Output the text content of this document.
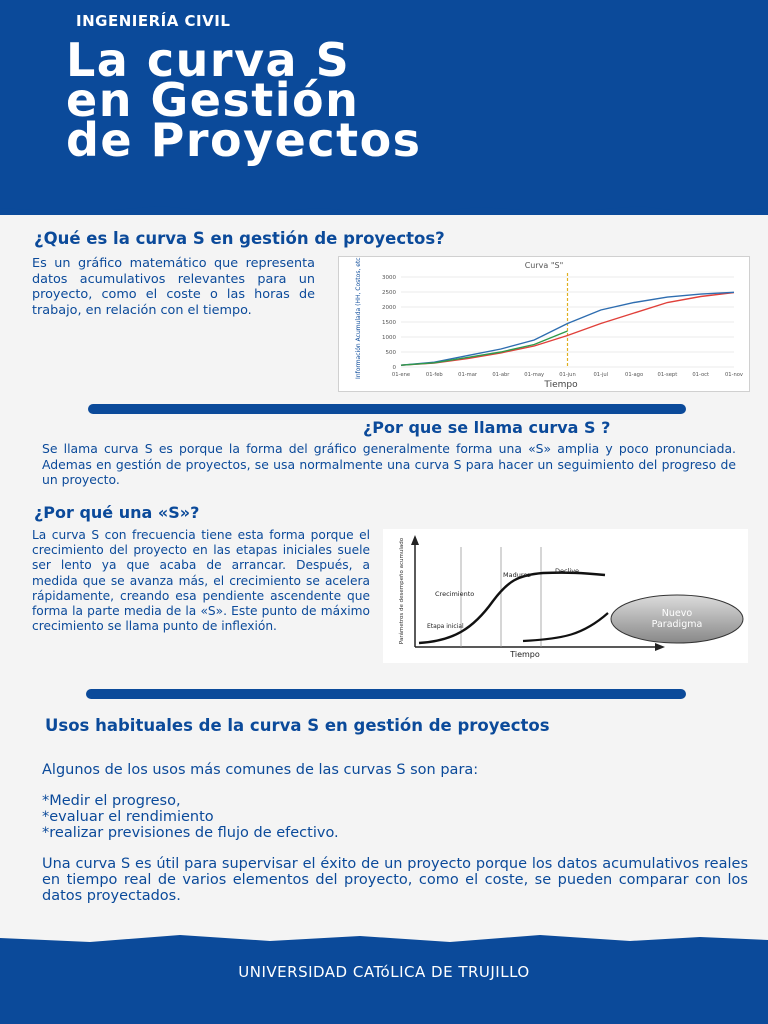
INGENIERÍA CIVIL
La curva S
en Gestión
de Proyectos
¿Qué es la curva S en gestión de proyectos?
Es un gráfico matemático que representa datos acumulativos relevantes para un proyecto, como el coste o las horas de trabajo, en relación con el tiempo.
Curva "S"
Información Acumulada (HH, Costos, etc)
Tiempo
0
500
1000
1500
2000
2500
3000
01-ene	01-feb	01-mar	01-abr	01-may	01-jun	01-jul	01-ago	01-sept	01-oct	01-nov
¿Por que se llama curva S ?
Se llama curva S es porque la forma del gráfico generalmente forma una «S» amplia y poco pronunciada. Ademas en gestión de proyectos, se usa normalmente una curva S para hacer un seguimiento del progreso de un proyecto.
¿Por qué una «S»?
La curva S con frecuencia tiene esta forma porque el crecimiento del proyecto en las etapas iniciales suele ser lento ya que acaba de arrancar. Después, a medida que se avanza más, el crecimiento se acelera rápidamente, creando esa pendiente ascendente que forma la parte media de la «S». Este punto de máximo crecimiento se llama punto de inflexión.	Parámetros de desempeño acumulado
Tiempo
Etapa inicial
Crecimiento
Madurez	Declive
Nuevo
Paradigma
Usos habituales de la curva S en gestión de proyectos
Algunos de los usos más comunes de las curvas S son para:
*Medir el progreso,
*evaluar el rendimiento
*realizar previsiones de flujo de efectivo.
Una curva S es útil para supervisar el éxito de un proyecto porque los datos acumulativos reales en tiempo real de varios elementos del proyecto, como el coste, se pueden comparar con los datos proyectados.
UNIVERSIDAD CATóLICA DE TRUJILLO
